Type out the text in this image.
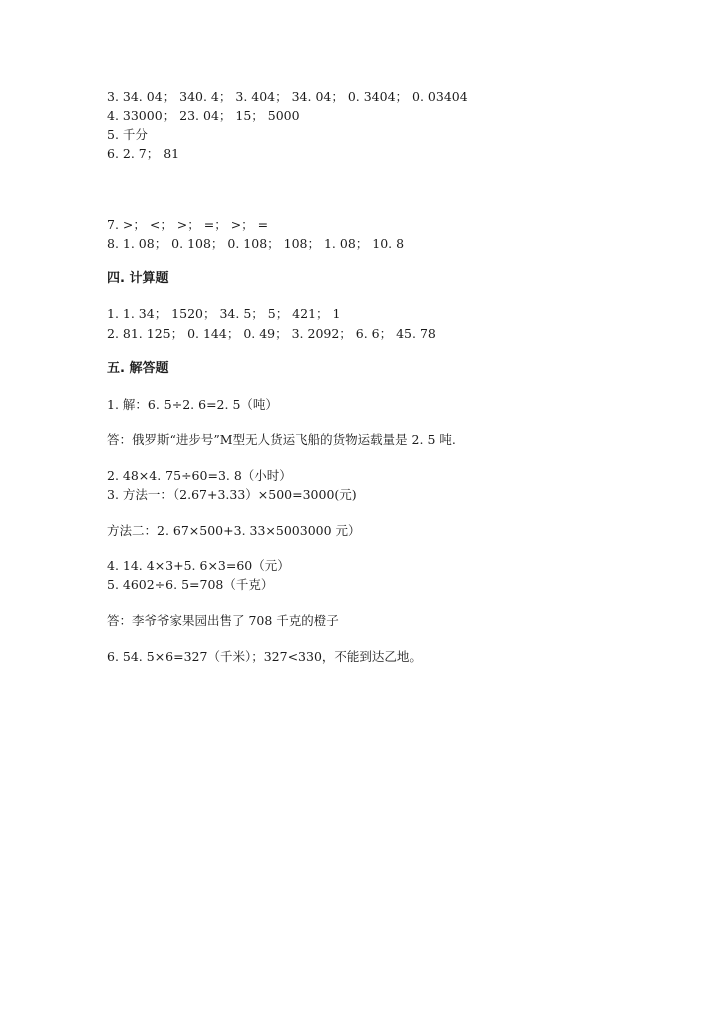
3. 34. 04； 340. 4； 3. 404； 34. 04； 0. 3404； 0. 03404
4. 33000； 23. 04； 15； 5000
5. 千分
6. 2. 7； 81
7. >； <； >； =； >； =
8. 1. 08； 0. 108； 0. 108； 108； 1. 08； 10. 8
四. 计算题
1. 1. 34； 1520； 34. 5； 5； 421； 1
2. 81. 125； 0. 144； 0. 49； 3. 2092； 6. 6； 45. 78
五. 解答题
1. 解：6. 5÷2. 6=2. 5（吨）
答：俄罗斯“进步号”M型无人货运飞船的货物运载量是 2. 5 吨.
2. 48×4. 75÷60=3. 8（小时）
3. 方法一：（2.67+3.33）×500=3000(元)
方法二：2. 67×500+3. 33×5003000 元）
4. 14. 4×3+5. 6×3=60（元）
5. 4602÷6. 5=708（千克）
答：李爷爷家果园出售了 708 千克的橙子
6. 54. 5×6=327（千米）；327<330，不能到达乙地。
